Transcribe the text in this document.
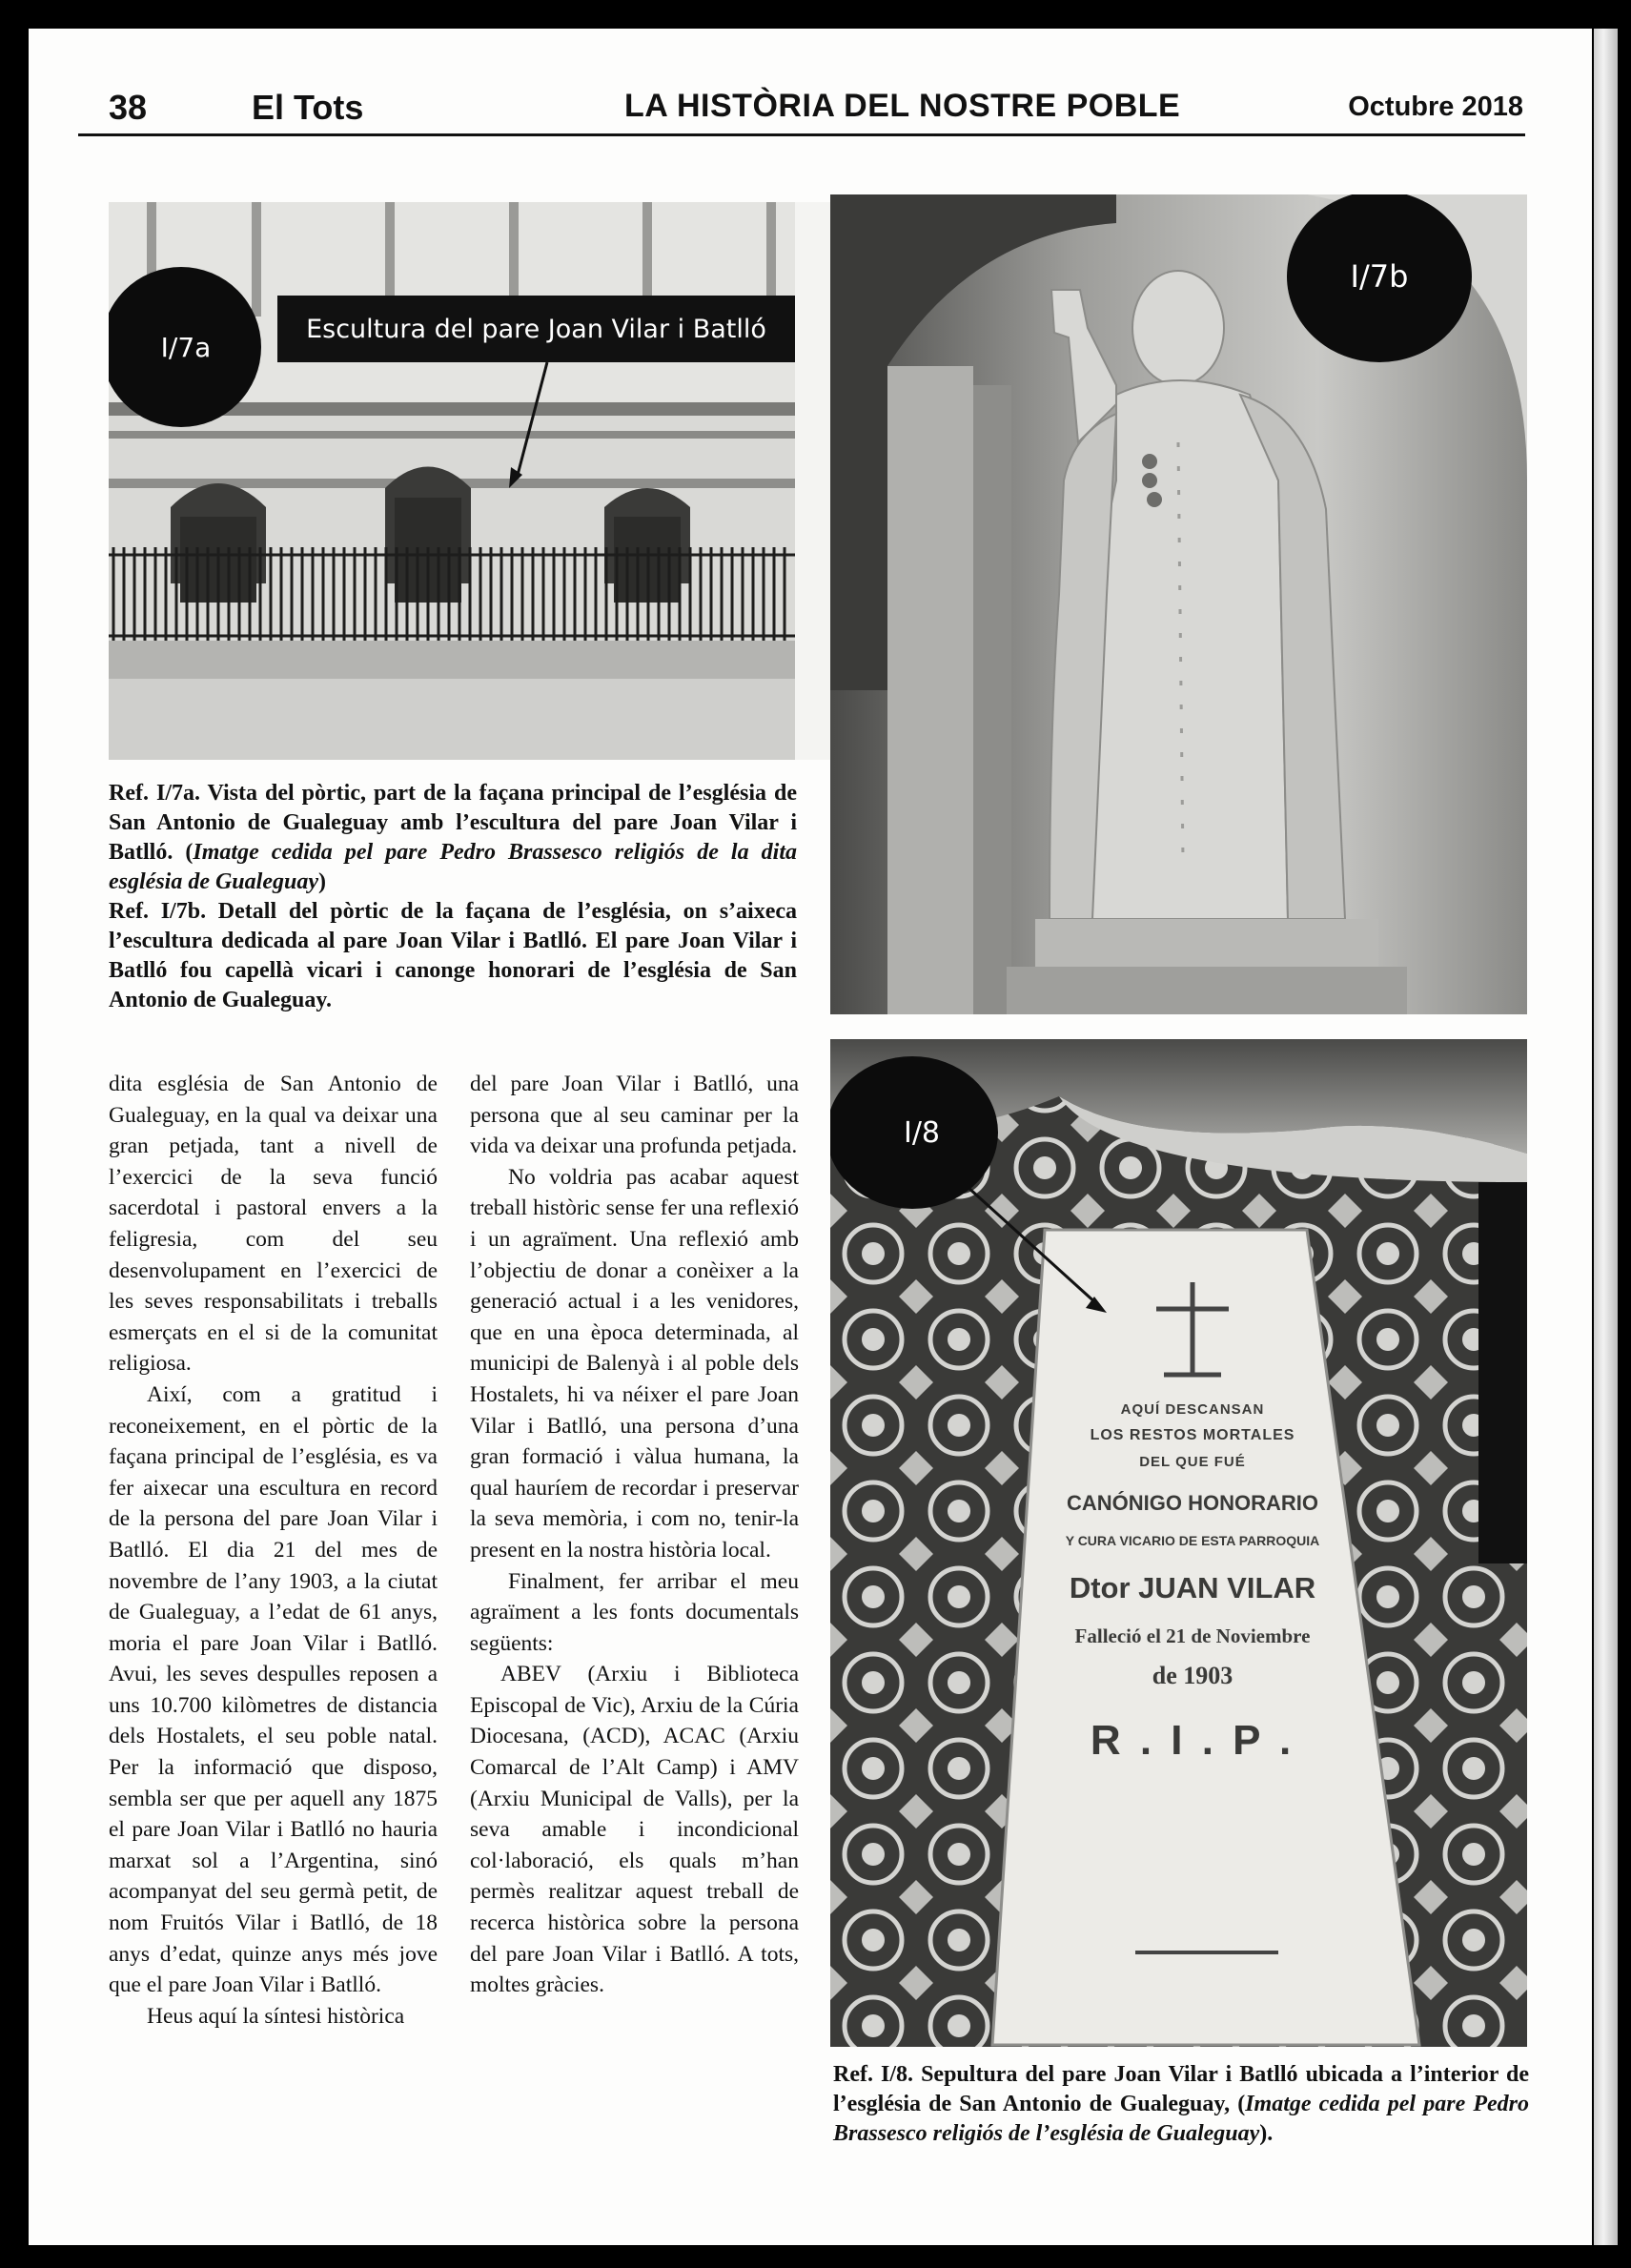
38	El Tots	LA HISTÒRIA DEL NOSTRE POBLE	Octubre 2018
I/7a
Escultura del pare Joan Vilar i Batlló
I/7b
Ref. I/7a. Vista del pòrtic, part de la façana principal de l’església de San Antonio de Gualeguay amb l’escultura del pare Joan Vilar i Batlló. (Imatge cedida pel pare Pedro Brassesco religiós de la dita església de Gualeguay)
Ref. I/7b. Detall del pòrtic de la façana de l’església, on s’aixeca l’escultura dedicada al pare Joan Vilar i Batlló. El pare Joan Vilar i Batlló fou capellà vicari i canonge honorari de l’església de San Antonio de Gualeguay.
I/8
AQUÍ DESCANSAN
LOS RESTOS MORTALES
DEL QUE FUÉ
CANÓNIGO HONORARIO
Y CURA VICARIO DE ESTA PARROQUIA
Dtor JUAN VILAR
Falleció el 21 de Noviembre
de 1903
R . I . P .
Ref. I/8. Sepultura del pare Joan Vilar i Batlló ubicada a l’interior de l’església de San Antonio de Gualeguay, (Imatge cedida pel pare Pedro Brassesco religiós de l’església de Gualeguay).

dita església de San Antonio de Gualeguay, en la qual va deixar una gran petjada, tant a nivell de l’exercici de la seva funció sacerdotal i pastoral envers a la feligresia, com del seu desenvolupament en l’exercici de les seves responsabilitats i treballs esmerçats en el si de la comunitat religiosa.

Així, com a gratitud i reconeixement, en el pòrtic de la façana principal de l’església, es va fer aixecar una escultura en record de la persona del pare Joan Vilar i Batlló. El dia 21 del mes de novembre de l’any 1903, a la ciutat de Gualeguay, a l’edat de 61 anys, moria el pare Joan Vilar i Batlló. Avui, les seves despulles reposen a uns 10.700 kilòmetres de distancia dels Hostalets, el seu poble natal. Per la informació que disposo, sembla ser que per aquell any 1875 el pare Joan Vilar i Batlló no hauria marxat sol a l’Argentina, sinó acompanyat del seu germà petit, de nom Fruitós Vilar i Batlló, de 18 anys d’edat, quinze anys més jove que el pare Joan Vilar i Batlló.

Heus aquí la síntesi històrica

del pare Joan Vilar i Batlló, una persona que al seu caminar per la vida va deixar una profunda petjada.

No voldria pas acabar aquest treball històric sense fer una reflexió i un agraïment. Una reflexió amb l’objectiu de donar a conèixer a la generació actual i a les venidores, que en una època determinada, al municipi de Balenyà i al poble dels Hostalets, hi va néixer el pare Joan Vilar i Batlló, una persona d’una gran formació i vàlua humana, la qual hauríem de recordar i preservar la seva memòria, i com no, tenir-la present en la nostra història local.

Finalment, fer arribar el meu agraïment a les fonts documentals següents:

ABEV (Arxiu i Biblioteca Episcopal de Vic), Arxiu de la Cúria Diocesana, (ACD), ACAC (Arxiu Comarcal de l’Alt Camp) i AMV (Arxiu Municipal de Valls), per la seva amable i incondicional col·laboració, els quals m’han permès realitzar aquest treball de recerca històrica sobre la persona del pare Joan Vilar i Batlló. A tots, moltes gràcies.
